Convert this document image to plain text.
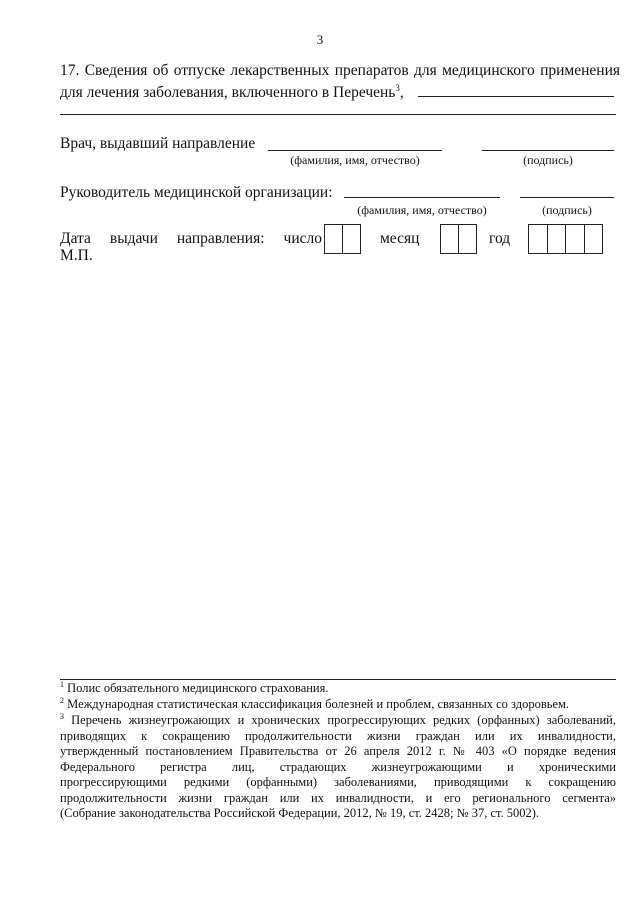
3
17. Сведения об отпуске лекарственных препаратов для медицинского применения
для лечения заболевания, включенного в Перечень$^3$,
Врач, выдавший направление
(фамилия, имя, отчество)	(подпись)
Руководитель медицинской организации:
(фамилия, имя, отчество)	(подпись)
Дата выдачи направления: число	месяц	год
М.П.
$^1$ Полис обязательного медицинского страхования.
$^2$ Международная статистическая классификация болезней и проблем, связанных со здоровьем.
$^3$ Перечень жизнеугрожающих и хронических прогрессирующих редких (орфанных) заболеваний,
приводящих к сокращению продолжительности жизни граждан или их инвалидности,
утвержденный постановлением Правительства от 26 апреля 2012 г. № 403 «О порядке ведения
Федерального регистра лиц, страдающих жизнеугрожающими и хроническими
прогрессирующими редкими (орфанными) заболеваниями, приводящими к сокращению
продолжительности жизни граждан или их инвалидности, и его регионального сегмента»
(Собрание законодательства Российской Федерации, 2012, № 19, ст. 2428; № 37, ст. 5002).
